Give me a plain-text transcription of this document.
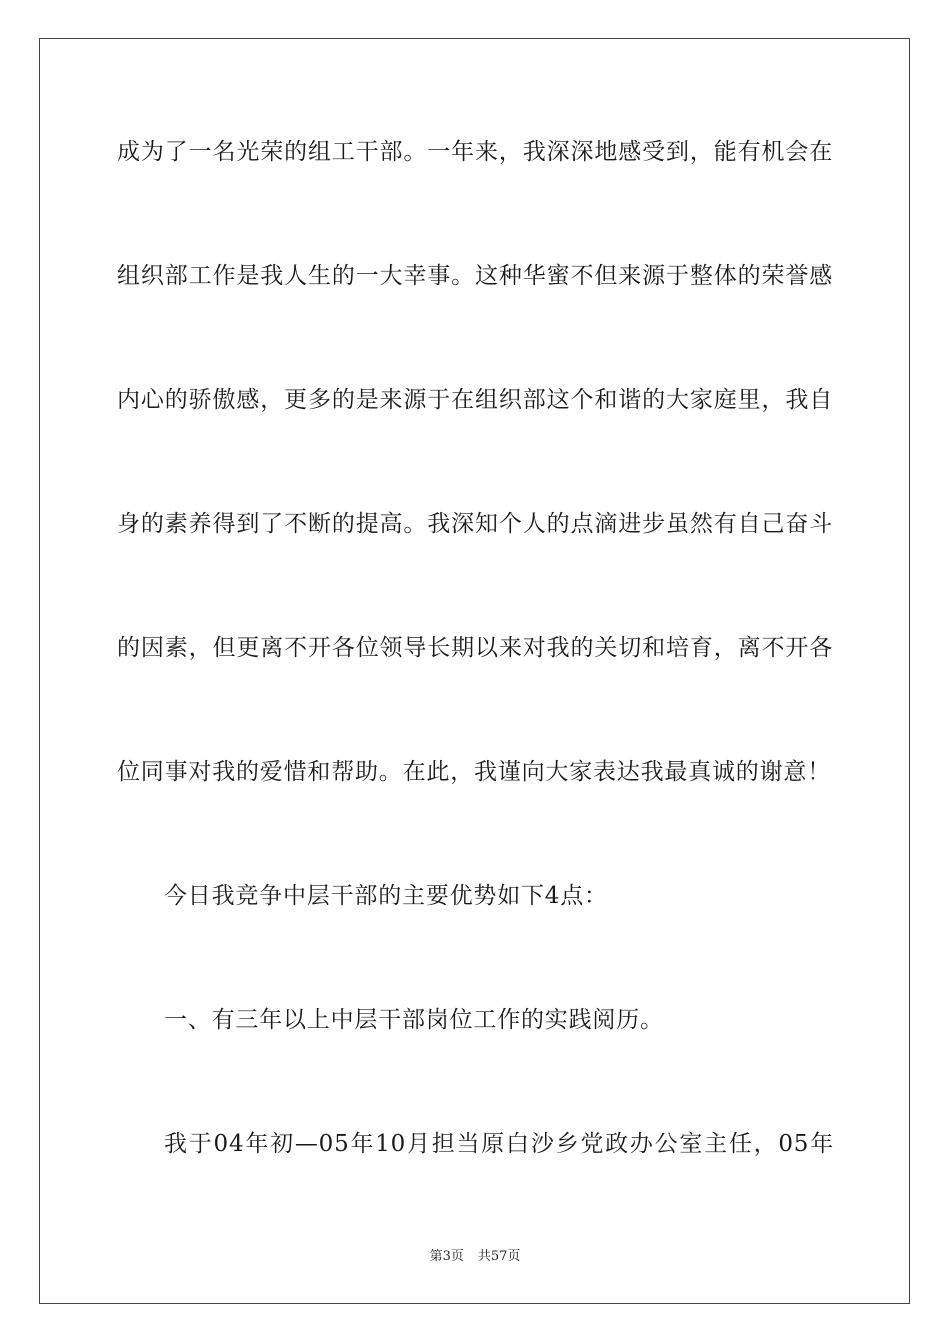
成为了一名光荣的组工干部。一年来，我深深地感受到，能有机会在
组织部工作是我人生的一大幸事。这种华蜜不但来源于整体的荣誉感
内心的骄傲感，更多的是来源于在组织部这个和谐的大家庭里，我自
身的素养得到了不断的提高。我深知个人的点滴进步虽然有自己奋斗
的因素，但更离不开各位领导长期以来对我的关切和培育，离不开各
位同事对我的爱惜和帮助。在此，我谨向大家表达我最真诚的谢意！
今日我竞争中层干部的主要优势如下4点：
一、有三年以上中层干部岗位工作的实践阅历。
我于04年初—05年10月担当原白沙乡党政办公室主任，05年
第3页 共57页
